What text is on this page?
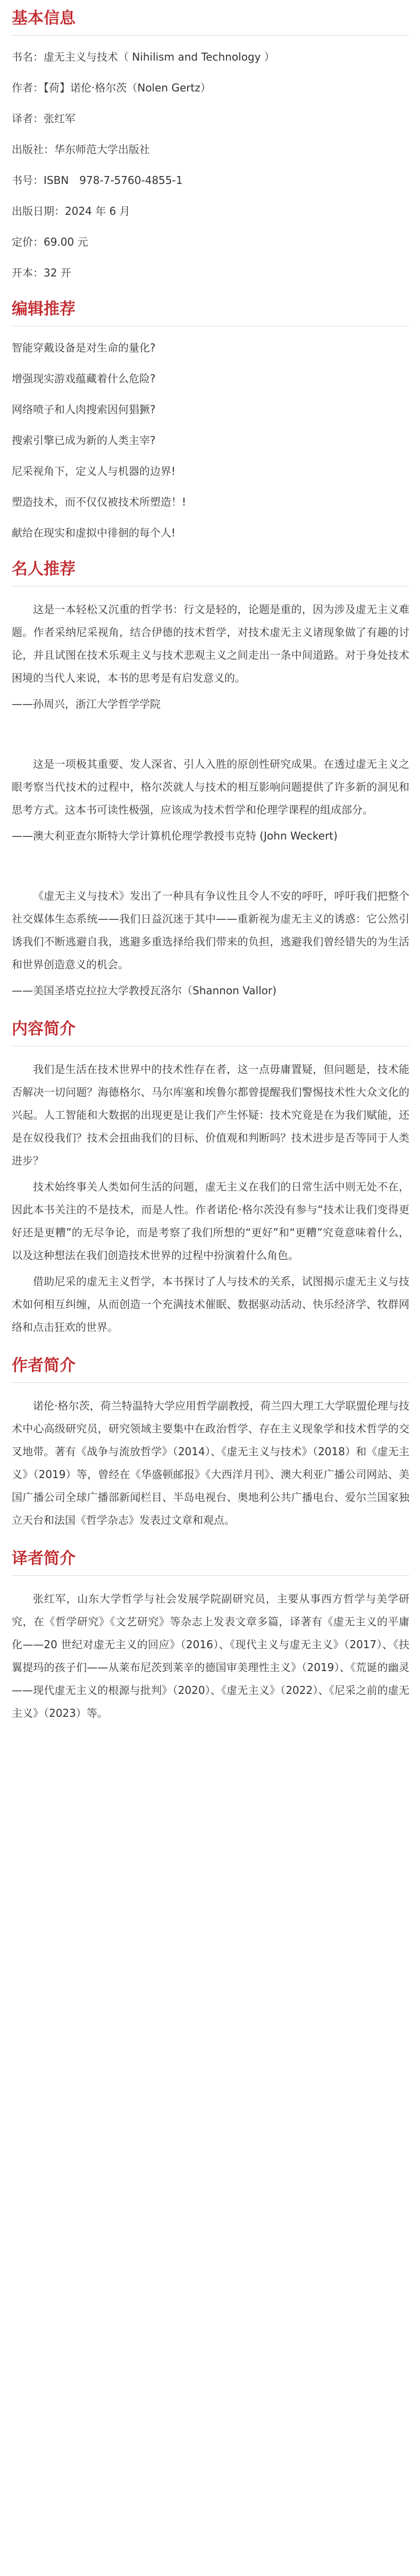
基本信息
书名：虚无主义与技术（ Nihilism and Technology ）
作者：【荷】诺伦·格尔茨（Nolen Gertz）
译者：张红军
出版社：华东师范大学出版社
书号：ISBN　978-7-5760-4855-1
出版日期：2024 年 6 月
定价：69.00 元
开本：32 开
编辑推荐
智能穿戴设备是对生命的量化?
增强现实游戏蕴藏着什么危险?
网络喷子和人肉搜索因何猖獗?
搜索引擎已成为新的人类主宰?
尼采视角下，定义人与机器的边界!
塑造技术，而不仅仅被技术所塑造！!
献给在现实和虚拟中徘徊的每个人!
名人推荐

这是一本轻松又沉重的哲学书：行文是轻的，论题是重的，因为涉及虚无主义难题。作者采纳尼采视角，结合伊德的技术哲学，对技术虚无主义诸现象做了有趣的讨论，并且试图在技术乐观主义与技术悲观主义之间走出一条中间道路。对于身处技术困境的当代人来说，本书的思考是有启发意义的。

——孙周兴，浙江大学哲学学院

这是一项极其重要、发人深省、引人入胜的原创性研究成果。在透过虚无主义之眼考察当代技术的过程中，格尔茨就人与技术的相互影响问题提供了许多新的洞见和思考方式。这本书可读性极强，应该成为技术哲学和伦理学课程的组成部分。

——澳大利亚查尔斯特大学计算机伦理学教授韦克特 (John Weckert)

《虚无主义与技术》发出了一种具有争议性且令人不安的呼吁，呼吁我们把整个社交媒体生态系统——我们日益沉迷于其中——重新视为虚无主义的诱惑：它公然引诱我们不断逃避自我，逃避多重选择给我们带来的负担，逃避我们曾经错失的为生活和世界创造意义的机会。

——美国圣塔克拉拉大学教授瓦洛尔（Shannon Vallor)

内容简介

我们是生活在技术世界中的技术性存在者，这一点毋庸置疑，但问题是，技术能否解决一切问题？海德格尔、马尔库塞和埃鲁尔都曾提醒我们警惕技术性大众文化的兴起。人工智能和大数据的出现更是让我们产生怀疑：技术究竟是在为我们赋能，还是在奴役我们？技术会扭曲我们的目标、价值观和判断吗？技术进步是否等同于人类进步？

技术始终事关人类如何生活的问题，虚无主义在我们的日常生活中则无处不在，因此本书关注的不是技术，而是人性。作者诺伦·格尔茨没有参与“技术让我们变得更好还是更糟”的无尽争论，而是考察了我们所想的“更好”和“更糟”究竟意味着什么，以及这种想法在我们创造技术世界的过程中扮演着什么角色。

借助尼采的虚无主义哲学，本书探讨了人与技术的关系，试图揭示虚无主义与技术如何相互纠缠，从而创造一个充满技术催眠、数据驱动活动、快乐经济学、牧群网络和点击狂欢的世界。

作者简介

诺伦·格尔茨，荷兰特温特大学应用哲学副教授，荷兰四大理工大学联盟伦理与技术中心高级研究员，研究领域主要集中在政治哲学、存在主义现象学和技术哲学的交叉地带。著有《战争与流放哲学》（2014）、《虚无主义与技术》（2018）和《虚无主义》（2019）等，曾经在《华盛顿邮报》《大西洋月刊》、澳大利亚广播公司网站、美国广播公司全球广播部新闻栏目、半岛电视台、奥地利公共广播电台、爱尔兰国家独立天台和法国《哲学杂志》发表过文章和观点。

译者简介

张红军，山东大学哲学与社会发展学院副研究员，主要从事西方哲学与美学研究，在《哲学研究》《文艺研究》等杂志上发表文章多篇，译著有《虚无主义的平庸化——20 世纪对虚无主义的回应》（2016）、《现代主义与虚无主义》（2017）、《扶翼提玛的孩子们——从莱布尼茨到莱辛的德国审美理性主义》（2019）、《荒诞的幽灵——现代虚无主义的根源与批判》（2020）、《虚无主义》（2022）、《尼采之前的虚无主义》（2023）等。
